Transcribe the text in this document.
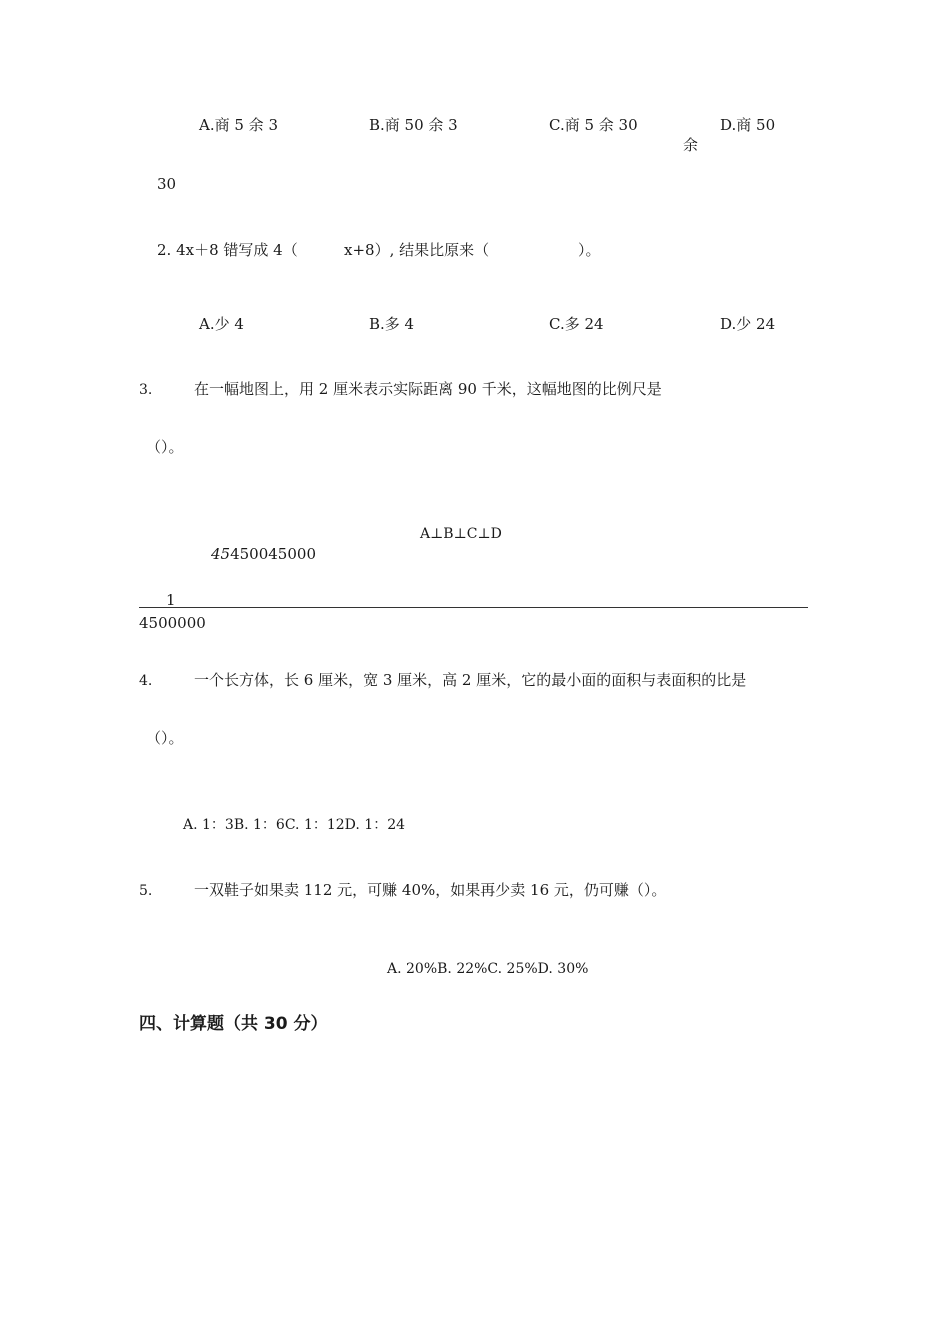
A.商 5 余 3	B.商 50 余 3	C.商 5 余 30	D.商 50
余
30
2. 4x＋8 错写成 4（	x+8）, 结果比原来（	）。
A.少 4	B.多 4	C.多 24	D.少 24
3.	在一幅地图上，用 2 厘米表示实际距离 90 千米，这幅地图的比例尺是
（）。
A⊥B⊥C⊥D
45450045000
1
4500000
4.	一个长方体，长 6 厘米，宽 3 厘米，高 2 厘米，它的最小面的面积与表面积的比是
（）。
A. 1：3B. 1：6C. 1：12D. 1：24
5.	一双鞋子如果卖 112 元，可赚 40%，如果再少卖 16 元，仍可赚（）。
A. 20%B. 22%C. 25%D. 30%
四、计算题（共 30 分）
